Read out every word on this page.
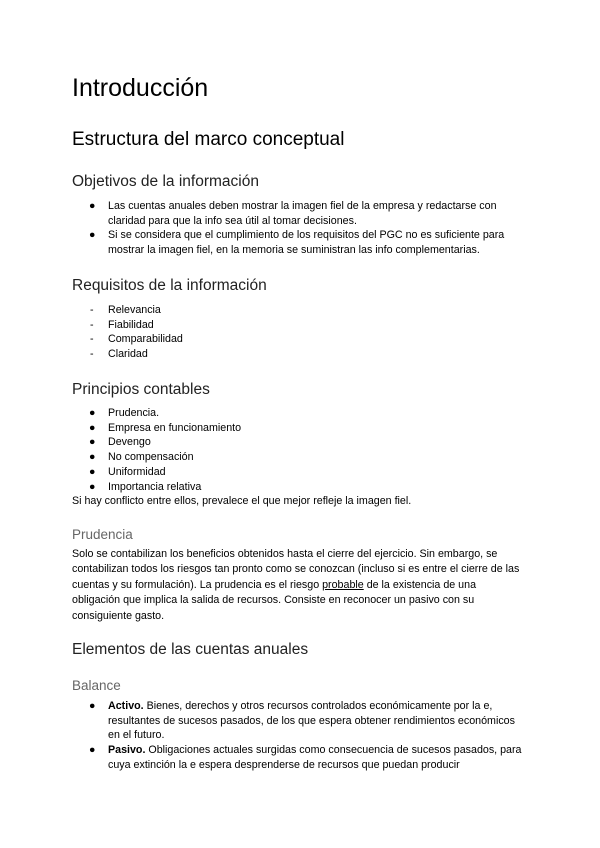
Introducción
Estructura del marco conceptual
Objetivos de la información
● Las cuentas anuales deben mostrar la imagen fiel de la empresa y redactarse con claridad para que la info sea útil al tomar decisiones.
● Si se considera que el cumplimiento de los requisitos del PGC no es suficiente para mostrar la imagen fiel, en la memoria se suministran las info complementarias.
Requisitos de la información
- Relevancia
- Fiabilidad
- Comparabilidad
- Claridad
Principios contables
● Prudencia.
● Empresa en funcionamiento
● Devengo
● No compensación
● Uniformidad
● Importancia relativa
Si hay conflicto entre ellos, prevalece el que mejor refleje la imagen fiel.
Prudencia
Solo se contabilizan los beneficios obtenidos hasta el cierre del ejercicio. Sin embargo, se contabilizan todos los riesgos tan pronto como se conozcan (incluso si es entre el cierre de las cuentas y su formulación). La prudencia es el riesgo probable de la existencia de una obligación que implica la salida de recursos. Consiste en reconocer un pasivo con su consiguiente gasto.
Elementos de las cuentas anuales
Balance
● Activo. Bienes, derechos y otros recursos controlados económicamente por la e, resultantes de sucesos pasados, de los que espera obtener rendimientos económicos en el futuro.
● Pasivo. Obligaciones actuales surgidas como consecuencia de sucesos pasados, para cuya extinción la e espera desprenderse de recursos que puedan producir
